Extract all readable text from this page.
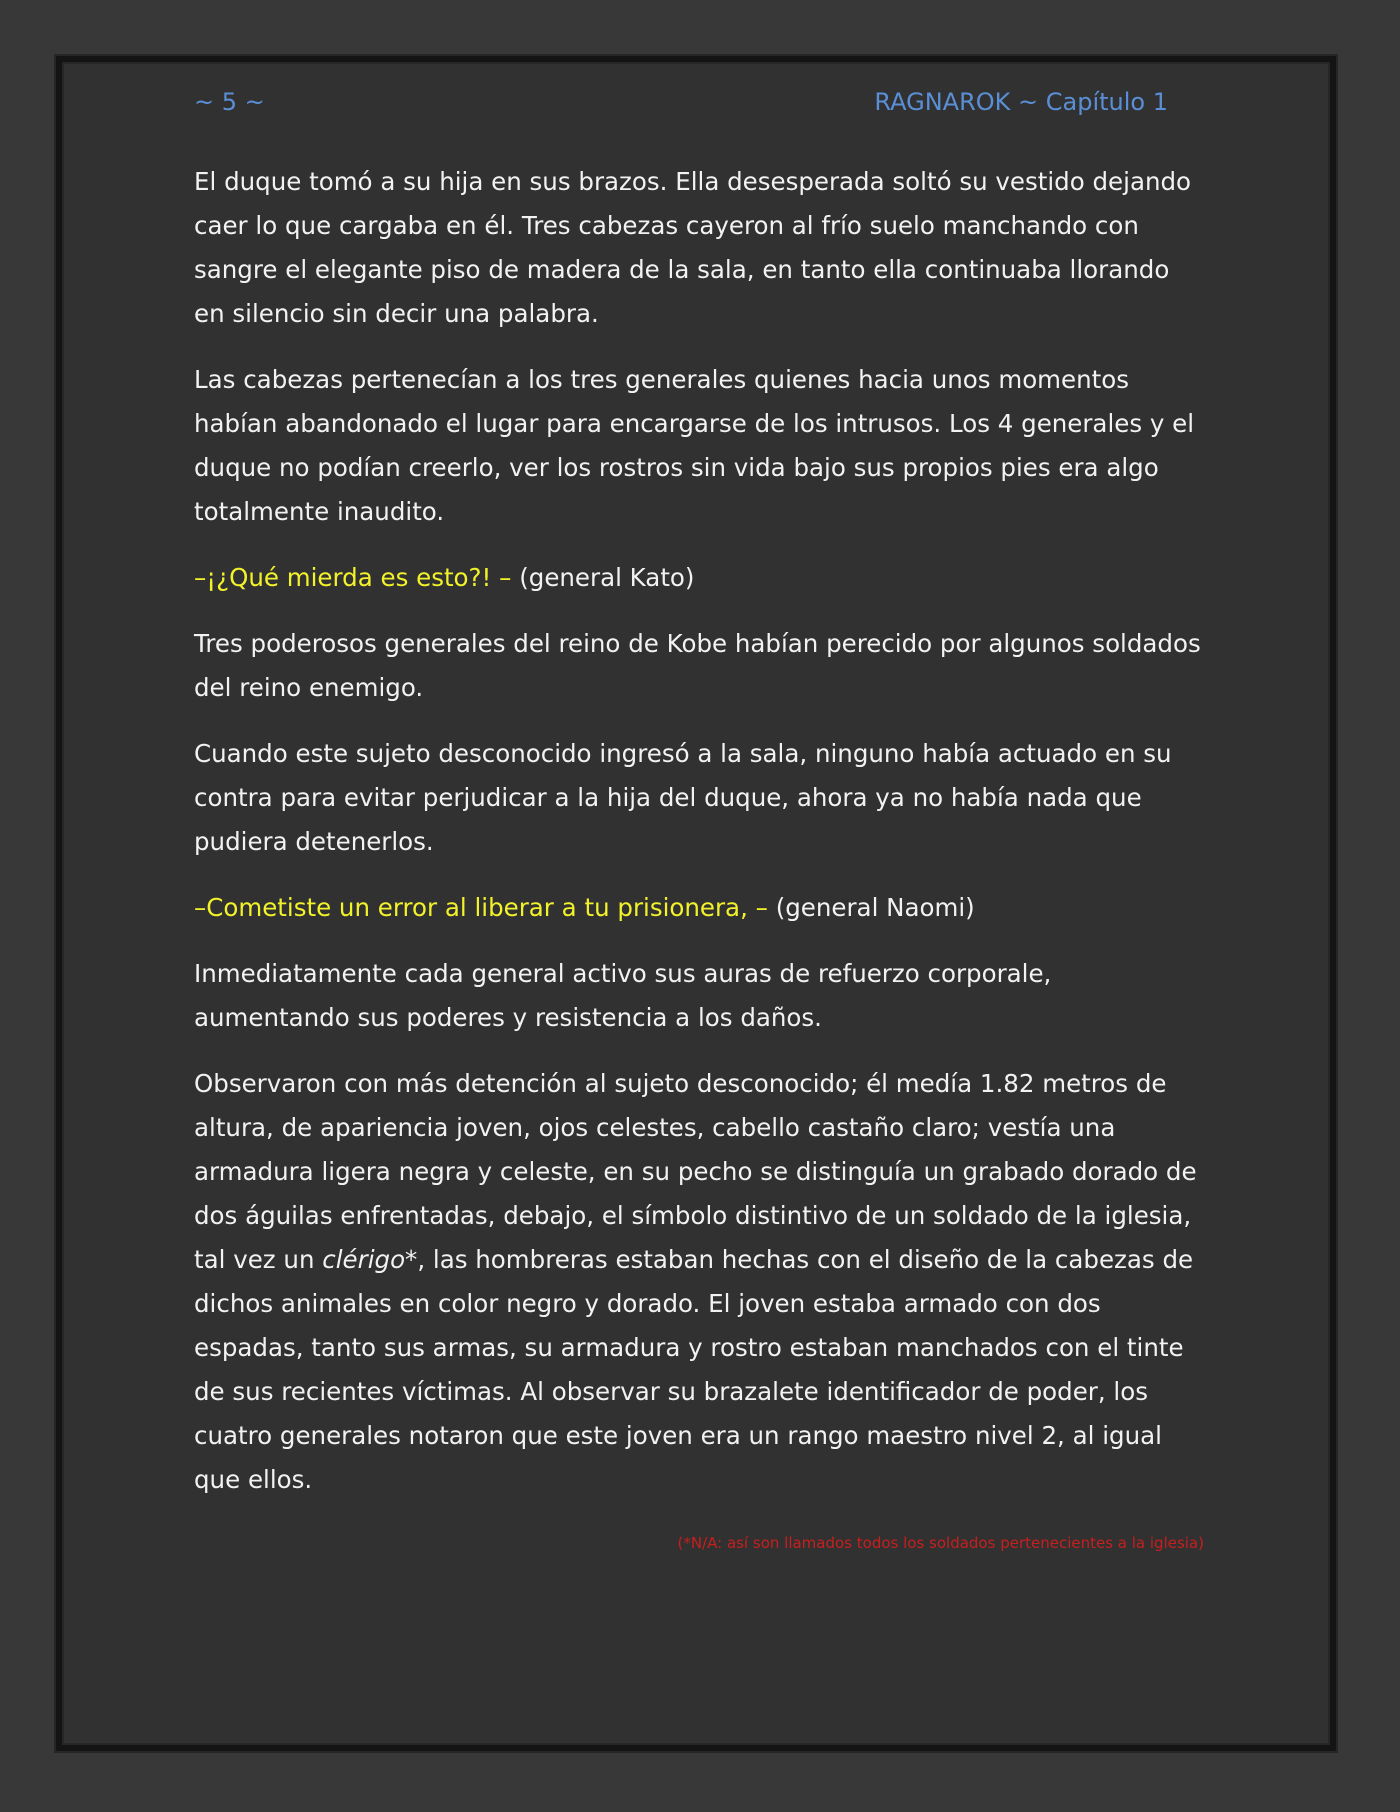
~ 5 ~	RAGNAROK ~ Capítulo 1

El duque tomó a su hija en sus brazos. Ella desesperada soltó su vestido dejando caer lo que cargaba en él. Tres cabezas cayeron al frío suelo manchando con sangre el elegante piso de madera de la sala, en tanto ella continuaba llorando en silencio sin decir una palabra.

Las cabezas pertenecían a los tres generales quienes hacia unos momentos habían abandonado el lugar para encargarse de los intrusos. Los 4 generales y el duque no podían creerlo, ver los rostros sin vida bajo sus propios pies era algo totalmente inaudito.

–¡¿Qué mierda es esto?! – (general Kato)

Tres poderosos generales del reino de Kobe habían perecido por algunos soldados del reino enemigo.

Cuando este sujeto desconocido ingresó a la sala, ninguno había actuado en su contra para evitar perjudicar a la hija del duque, ahora ya no había nada que pudiera detenerlos.

–Cometiste un error al liberar a tu prisionera, – (general Naomi)

Inmediatamente cada general activo sus auras de refuerzo corporale, aumentando sus poderes y resistencia a los daños.

Observaron con más detención al sujeto desconocido; él medía 1.82 metros de altura, de apariencia joven, ojos celestes, cabello castaño claro; vestía una armadura ligera negra y celeste, en su pecho se distinguía un grabado dorado de dos águilas enfrentadas, debajo, el símbolo distintivo de un soldado de la iglesia, tal vez un clérigo*, las hombreras estaban hechas con el diseño de la cabezas de dichos animales en color negro y dorado. El joven estaba armado con dos espadas, tanto sus armas, su armadura y rostro estaban manchados con el tinte de sus recientes víctimas. Al observar su brazalete identificador de poder, los cuatro generales notaron que este joven era un rango maestro nivel 2, al igual que ellos.

(*N/A: así son llamados todos los soldados pertenecientes a la iglesia)
